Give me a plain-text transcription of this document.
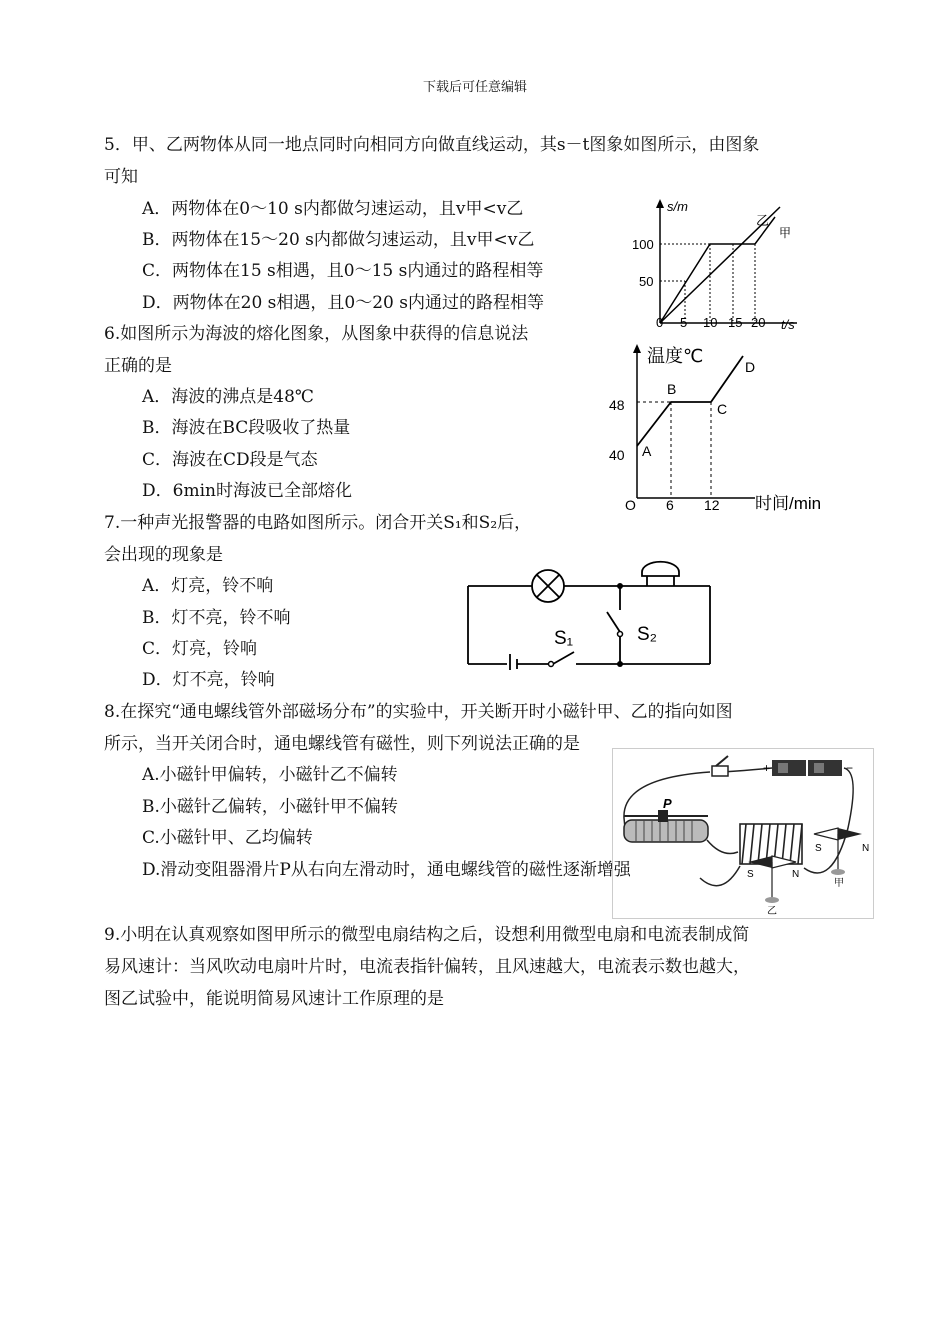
下载后可任意编辑
5．甲、乙两物体从同一地点同时向相同方向做直线运动，其s－t图象如图所示，由图象
可知
A．两物体在0～10 s内都做匀速运动，且v甲<v乙
B．两物体在15～20 s内都做匀速运动，且v甲<v乙
C．两物体在15 s相遇，且0～15 s内通过的路程相等
D．两物体在20 s相遇，且0～20 s内通过的路程相等
s/m
t/s
100
50
0 5 10 15 20
乙
甲
6.如图所示为海波的熔化图象，从图象中获得的信息说法
正确的是
A．海波的沸点是48℃
B．海波在BC段吸收了热量
C．海波在CD段是气态
D．6min时海波已全部熔化
温度℃
时间/min
48
40
O 6 12
A
B
C
D
7.一种声光报警器的电路如图所示。闭合开关S₁和S₂后，
会出现的现象是
A．灯亮，铃不响
B．灯不亮，铃不响
C．灯亮，铃响
D．灯不亮，铃响
S₁	S₂
8.在探究“通电螺线管外部磁场分布”的实验中，开关断开时小磁针甲、乙的指向如图
所示，当开关闭合时，通电螺线管有磁性，则下列说法正确的是
A.小磁针甲偏转，小磁针乙不偏转
B.小磁针乙偏转，小磁针甲不偏转
C.小磁针甲、乙均偏转
D.滑动变阻器滑片P从右向左滑动时，通电螺线管的磁性逐渐增强
+	−
P
S	N
甲
S	N
乙
9.小明在认真观察如图甲所示的微型电扇结构之后，设想利用微型电扇和电流表制成简
易风速计：当风吹动电扇叶片时，电流表指针偏转，且风速越大，电流表示数也越大，
图乙试验中，能说明简易风速计工作原理的是
